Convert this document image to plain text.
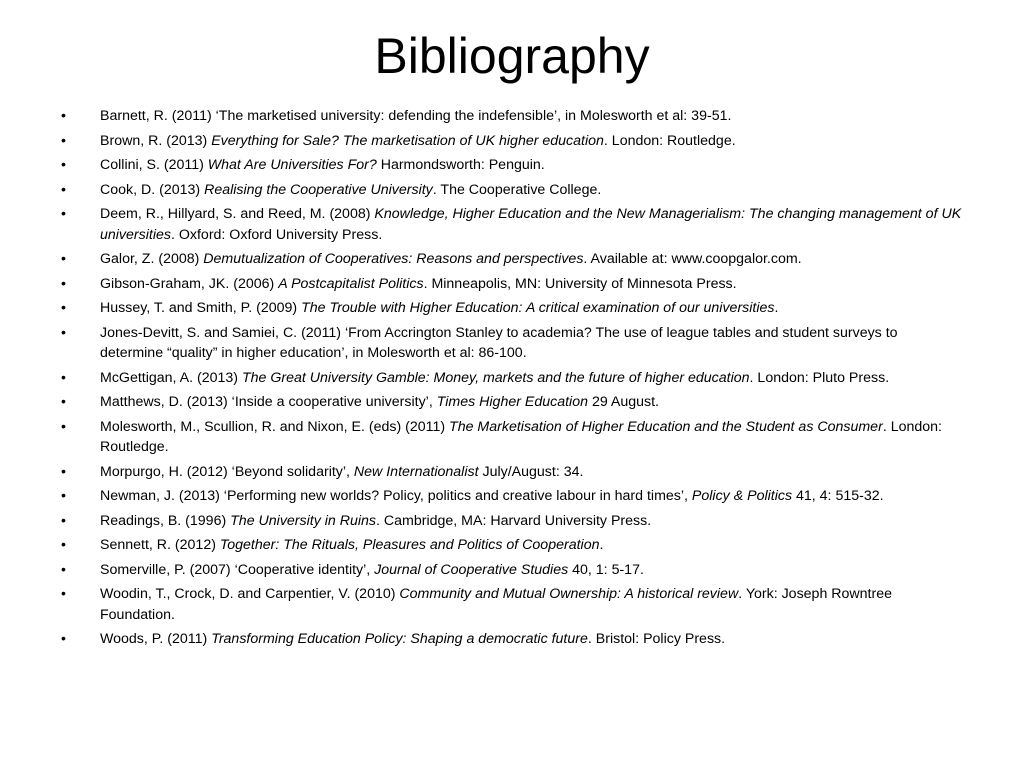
Bibliography
• Barnett, R. (2011) ‘The marketised university: defending the indefensible’, in Molesworth et al: 39-51.
• Brown, R. (2013) Everything for Sale? The marketisation of UK higher education. London: Routledge.
• Collini, S. (2011) What Are Universities For? Harmondsworth: Penguin.
• Cook, D. (2013) Realising the Cooperative University. The Cooperative College.
• Deem, R., Hillyard, S. and Reed, M. (2008) Knowledge, Higher Education and the New Managerialism: The changing management of UK universities. Oxford: Oxford University Press.
• Galor, Z. (2008) Demutualization of Cooperatives: Reasons and perspectives. Available at: www.coopgalor.com.
• Gibson-Graham, JK. (2006) A Postcapitalist Politics. Minneapolis, MN: University of Minnesota Press.
• Hussey, T. and Smith, P. (2009) The Trouble with Higher Education: A critical examination of our universities.
• Jones-Devitt, S. and Samiei, C. (2011) ‘From Accrington Stanley to academia? The use of league tables and student surveys to determine “quality” in higher education’, in Molesworth et al: 86-100.
• McGettigan, A. (2013) The Great University Gamble: Money, markets and the future of higher education. London: Pluto Press.
• Matthews, D. (2013) ‘Inside a cooperative university’, Times Higher Education 29 August.
• Molesworth, M., Scullion, R. and Nixon, E. (eds) (2011) The Marketisation of Higher Education and the Student as Consumer. London: Routledge.
• Morpurgo, H. (2012) ‘Beyond solidarity’, New Internationalist July/August: 34.
• Newman, J. (2013) ‘Performing new worlds? Policy, politics and creative labour in hard times’, Policy & Politics 41, 4: 515-32.
• Readings, B. (1996) The University in Ruins. Cambridge, MA: Harvard University Press.
• Sennett, R. (2012) Together: The Rituals, Pleasures and Politics of Cooperation.
• Somerville, P. (2007) ‘Cooperative identity’, Journal of Cooperative Studies 40, 1: 5-17.
• Woodin, T., Crock, D. and Carpentier, V. (2010) Community and Mutual Ownership: A historical review. York: Joseph Rowntree Foundation.
• Woods, P. (2011) Transforming Education Policy: Shaping a democratic future. Bristol: Policy Press.
